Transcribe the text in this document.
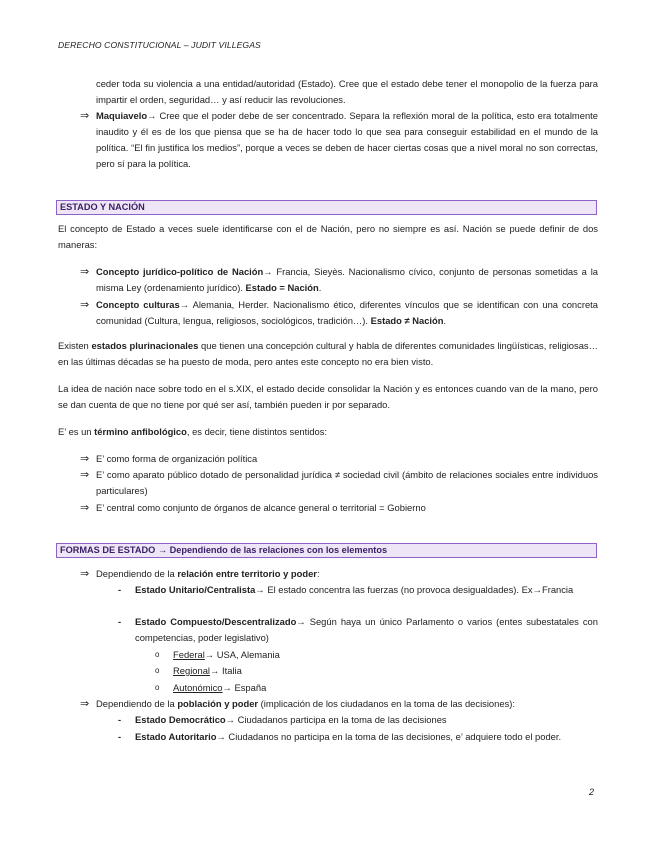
DERECHO CONSTITUCIONAL – JUDIT VILLEGAS
ceder toda su violencia a una entidad/autoridad (Estado). Cree que el estado debe tener el monopolio de la fuerza para impartir el orden, seguridad… y así reducir las revoluciones.
⇒ Maquiavelo→ Cree que el poder debe de ser concentrado. Separa la reflexión moral de la política, esto era totalmente inaudito y él es de los que piensa que se ha de hacer todo lo que sea para conseguir estabilidad en el mundo de la política. “El fin justifica los medios”, porque a veces se deben de hacer ciertas cosas que a nivel moral no son correctas, pero sí para la política.
ESTADO Y NACIÓN

El concepto de Estado a veces suele identificarse con el de Nación, pero no siempre es así. Nación se puede definir de dos maneras:

⇒ Concepto jurídico-político de Nación→ Francia, Sieyès. Nacionalismo cívico, conjunto de personas sometidas a la misma Ley (ordenamiento jurídico). Estado = Nación.
⇒ Concepto culturas→ Alemania, Herder. Nacionalismo ético, diferentes vínculos que se identifican con una concreta comunidad (Cultura, lengua, religiosos, sociológicos, tradición…). Estado ≠ Nación.

Existen estados plurinacionales que tienen una concepción cultural y habla de diferentes comunidades lingüísticas, religiosas… en las últimas décadas se ha puesto de moda, pero antes este concepto no era bien visto.

La idea de nación nace sobre todo en el s.XIX, el estado decide consolidar la Nación y es entonces cuando van de la mano, pero se dan cuenta de que no tiene por qué ser así, también pueden ir por separado.

E’ es un término anfibológico, es decir, tiene distintos sentidos:

⇒ E’ como forma de organización política
⇒ E’ como aparato público dotado de personalidad jurídica ≠ sociedad civil (ámbito de relaciones sociales entre individuos particulares)
⇒ E’ central como conjunto de órganos de alcance general o territorial = Gobierno
FORMAS DE ESTADO → Dependiendo de las relaciones con los elementos
⇒ Dependiendo de la relación entre territorio y poder:
- Estado Unitario/Centralista→ El estado concentra las fuerzas (no provoca desigualdades). Ex→Francia
- Estado Compuesto/Descentralizado→ Según haya un único Parlamento o varios (entes subestatales con competencias, poder legislativo)
o Federal→ USA, Alemania
o Regional→ Italia
o Autonómico→ España
⇒ Dependiendo de la población y poder (implicación de los ciudadanos en la toma de las decisiones):
- Estado Democrático→ Ciudadanos participa en la toma de las decisiones
- Estado Autoritario→ Ciudadanos no participa en la toma de las decisiones, e’ adquiere todo el poder.
2
